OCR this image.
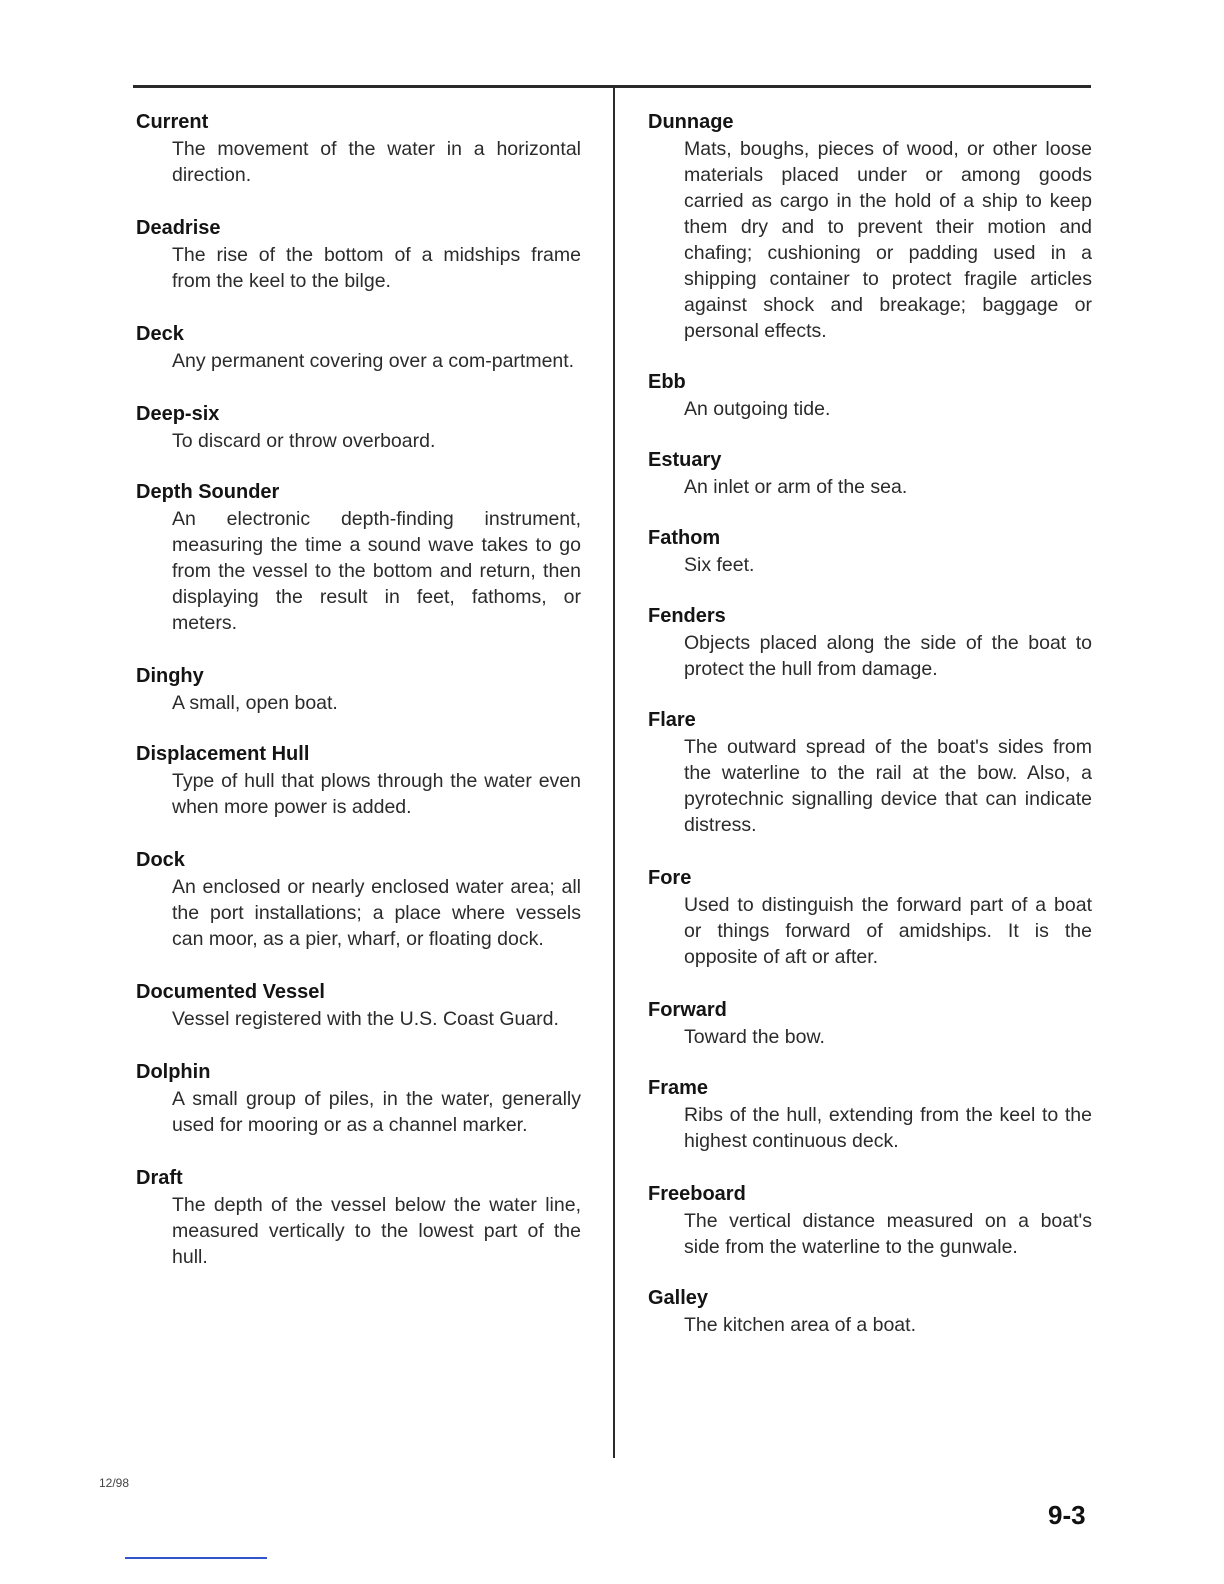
Current
The movement of the water in a horizontal direction.
Deadrise
The rise of the bottom of a midships frame from the keel to the bilge.
Deck
Any permanent covering over a com-partment.
Deep-six
To discard or throw overboard.
Depth Sounder
An electronic depth-finding instrument, measuring the time a sound wave takes to go from the vessel to the bottom and return, then displaying the result in feet, fathoms, or meters.
Dinghy
A small, open boat.
Displacement Hull
Type of hull that plows through the water even when more power is added.
Dock
An enclosed or nearly enclosed water area; all the port installations; a place where vessels can moor, as a pier, wharf, or floating dock.
Documented Vessel
Vessel registered with the U.S. Coast Guard.
Dolphin
A small group of piles, in the water, generally used for mooring or as a channel marker.
Draft
The depth of the vessel below the water line, measured vertically to the lowest part of the hull.
Dunnage
Mats, boughs, pieces of wood, or other loose materials placed under or among goods carried as cargo in the hold of a ship to keep them dry and to prevent their motion and chafing; cushioning or padding used in a shipping container to protect fragile articles against shock and breakage; baggage or personal effects.
Ebb
An outgoing tide.
Estuary
An inlet or arm of the sea.
Fathom
Six feet.
Fenders
Objects placed along the side of the boat to protect the hull from damage.
Flare
The outward spread of the boat's sides from the waterline to the rail at the bow. Also, a pyrotechnic signalling device that can indicate distress.
Fore
Used to distinguish the forward part of a boat or things forward of amidships. It is the opposite of aft or after.
Forward
Toward the bow.
Frame
Ribs of the hull, extending from the keel to the highest continuous deck.
Freeboard
The vertical distance measured on a boat's side from the waterline to the gunwale.
Galley
The kitchen area of a boat.
12/98
9-3
